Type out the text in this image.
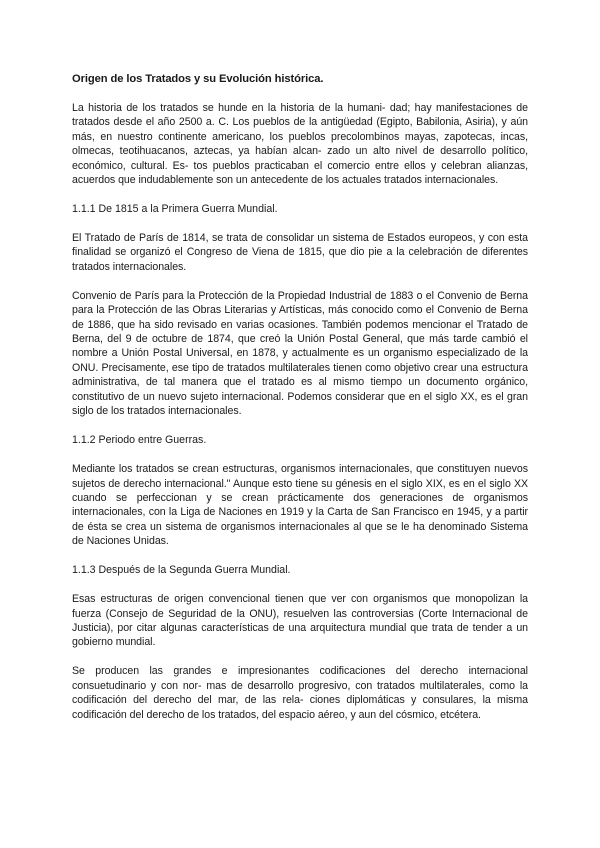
Origen de los Tratados y su Evolución histórica.

La historia de los tratados se hunde en la historia de la humani- dad; hay manifestaciones de tratados desde el año 2500 a. C. Los pueblos de la antigüedad (Egipto, Babilonia, Asiria), y aún más, en nuestro continente americano, los pueblos precolombinos mayas, zapotecas, incas, olmecas, teotihuacanos, aztecas, ya habían alcan- zado un alto nivel de desarrollo político, económico, cultural. Es- tos pueblos practicaban el comercio entre ellos y celebran alianzas, acuerdos que indudablemente son un antecedente de los actuales tratados internacionales.

1.1.1 De 1815 a la Primera Guerra Mundial.

El Tratado de París de 1814, se trata de consolidar un sistema de Estados europeos, y con esta finalidad se organizó el Congreso de Viena de 1815, que dio pie a la celebración de diferentes tratados internacionales.

Convenio de París para la Protección de la Propiedad Industrial de 1883 o el Convenio de Berna para la Protección de las Obras Literarias y Artísticas, más conocido como el Convenio de Berna de 1886, que ha sido revisado en varias ocasiones. También podemos mencionar el Tratado de Berna, del 9 de octubre de 1874, que creó la Unión Postal General, que más tarde cambió el nombre a Unión Postal Universal, en 1878, y actualmente es un organismo especializado de la ONU. Precisamente, ese tipo de tratados multilaterales tienen como objetivo crear una estructura administrativa, de tal manera que el tratado es al mismo tiempo un documento orgánico, constitutivo de un nuevo sujeto internacional. Podemos considerar que en el siglo XX, es el gran siglo de los tratados internacionales.

1.1.2 Periodo entre Guerras.

Mediante los tratados se crean estructuras, organismos internacionales, que constituyen nuevos sujetos de derecho internacional." Aunque esto tiene su génesis en el siglo XIX, es en el siglo XX cuando se perfeccionan y se crean prácticamente dos generaciones de organismos internacionales, con la Liga de Naciones en 1919 y la Carta de San Francisco en 1945, y a partir de ésta se crea un sistema de organismos internacionales al que se le ha denominado Sistema de Naciones Unidas.

1.1.3 Después de la Segunda Guerra Mundial.

Esas estructuras de origen convencional tienen que ver con organismos que monopolizan la fuerza (Consejo de Seguridad de la ONU), resuelven las controversias (Corte Internacional de Justicia), por citar algunas características de una arquitectura mundial que trata de tender a un gobierno mundial.

Se producen las grandes e impresionantes codificaciones del derecho internacional consuetudinario y con nor- mas de desarrollo progresivo, con tratados multilaterales, como la codificación del derecho del mar, de las rela- ciones diplomáticas y consulares, la misma codificación del derecho de los tratados, del espacio aéreo, y aun del cósmico, etcétera.
